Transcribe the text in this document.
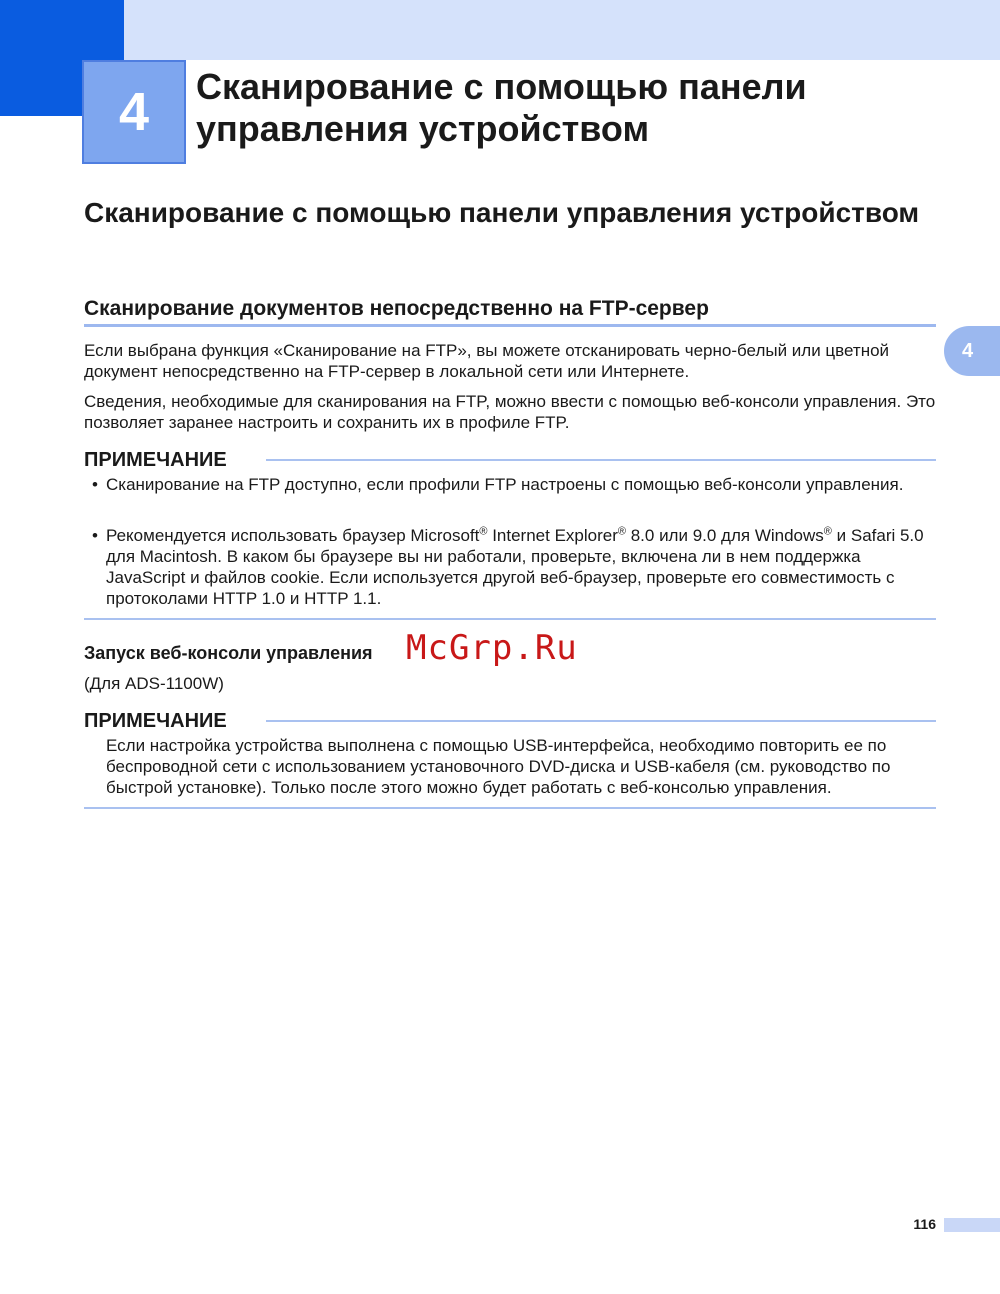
4 Сканирование с помощью панели управления устройством
Сканирование с помощью панели управления устройством
Сканирование документов непосредственно на FTP-сервер
4
Если выбрана функция «Сканирование на FTP», вы можете отсканировать черно-белый или цветной документ непосредственно на FTP-сервер в локальной сети или Интернете.
Сведения, необходимые для сканирования на FTP, можно ввести с помощью веб-консоли управления. Это позволяет заранее настроить и сохранить их в профиле FTP.
ПРИМЕЧАНИЕ
• Сканирование на FTP доступно, если профили FTP настроены с помощью веб-консоли управления.
• Рекомендуется использовать браузер Microsoft® Internet Explorer® 8.0 или 9.0 для Windows® и Safari 5.0 для Macintosh. В каком бы браузере вы ни работали, проверьте, включена ли в нем поддержка JavaScript и файлов cookie. Если используется другой веб-браузер, проверьте его совместимость с протоколами HTTP 1.0 и HTTP 1.1.
Запуск веб-консоли управления McGrp.Ru
(Для ADS-1100W)
ПРИМЕЧАНИЕ
Если настройка устройства выполнена с помощью USB-интерфейса, необходимо повторить ее по беспроводной сети с использованием установочного DVD-диска и USB-кабеля (см. руководство по быстрой установке). Только после этого можно будет работать с веб-консолью управления.
116
